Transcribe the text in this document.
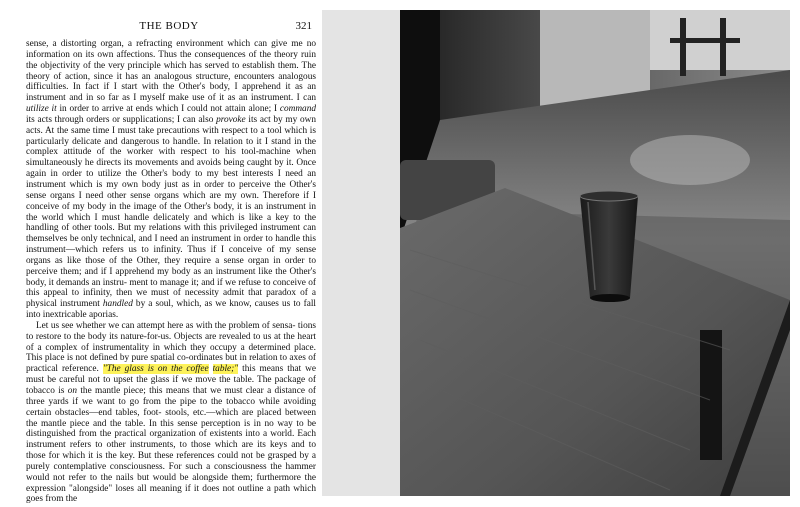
THE BODY	321

sense, a distorting organ, a refracting environment which can give me no information on its own affections. Thus the consequences of the theory ruin the objectivity of the very principle which has served to establish them. The theory of action, since it has an analogous structure, encounters analogous difficulties. In fact if I start with the Other's body, I apprehend it as an instrument and in so far as I myself make use of it as an instrument. I can utilize it in order to arrive at ends which I could not attain alone; I command its acts through orders or supplications; I can also provoke its act by my own acts. At the same time I must take precautions with respect to a tool which is particularly delicate and dangerous to handle. In relation to it I stand in the complex attitude of the worker with respect to his tool-machine when simultaneously he directs its movements and avoids being caught by it. Once again in order to utilize the Other's body to my best interests I need an instrument which is my own body just as in order to perceive the Other's sense organs I need other sense organs which are my own. Therefore if I conceive of my body in the image of the Other's body, it is an instrument in the world which I must handle delicately and which is like a key to the handling of other tools. But my relations with this privileged instrument can themselves be only technical, and I need an instrument in order to handle this instrument—which refers us to infinity. Thus if I conceive of my sense organs as like those of the Other, they require a sense organ in order to perceive them; and if I apprehend my body as an instrument like the Other's body, it demands an instru- ment to manage it; and if we refuse to conceive of this appeal to infinity, then we must of necessity admit that paradox of a physical instrument handled by a soul, which, as we know, causes us to fall into inextricable aporias.

Let us see whether we can attempt here as with the problem of sensa- tions to restore to the body its nature-for-us. Objects are revealed to us at the heart of a complex of instrumentality in which they occupy a determined place. This place is not defined by pure spatial co-ordinates but in relation to axes of practical reference. "The glass is on the coffee table;" this means that we must be careful not to upset the glass if we move the table. The package of tobacco is on the mantle piece; this means that we must clear a distance of three yards if we want to go from the pipe to the tobacco while avoiding certain obstacles—end tables, foot- stools, etc.—which are placed between the mantle piece and the table. In this sense perception is in no way to be distinguished from the practical organization of existents into a world. Each instrument refers to other instruments, to those which are its keys and to those for which it is the key. But these references could not be grasped by a purely contemplative consciousness. For such a consciousness the hammer would not refer to the nails but would be alongside them; furthermore the expression "alongside" loses all meaning if it does not outline a path which goes from the
